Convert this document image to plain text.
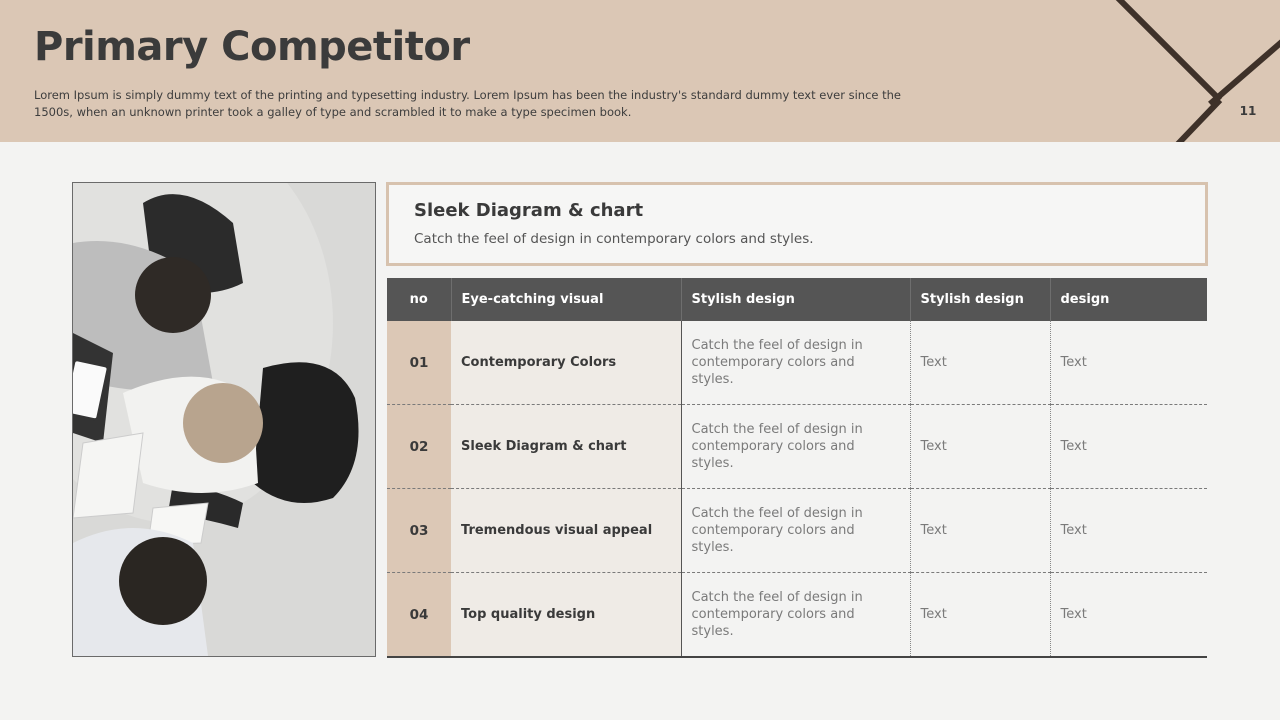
Primary Competitor

Lorem Ipsum is simply dummy text of the printing and typesetting industry. Lorem Ipsum has been the industry's standard dummy text ever since the 1500s, when an unknown printer took a galley of type and scrambled it to make a type specimen book.	11
Sleek Diagram & chart

Catch the feel of design in contemporary colors and styles.

no	Eye-catching visual	Stylish design	Stylish design	design
01	Contemporary Colors	Catch the feel of design in contemporary colors and styles.	Text	Text
02	Sleek Diagram & chart	Catch the feel of design in contemporary colors and styles.	Text	Text
03	Tremendous visual appeal	Catch the feel of design in contemporary colors and styles.	Text	Text
04	Top quality design	Catch the feel of design in contemporary colors and styles.	Text	Text
